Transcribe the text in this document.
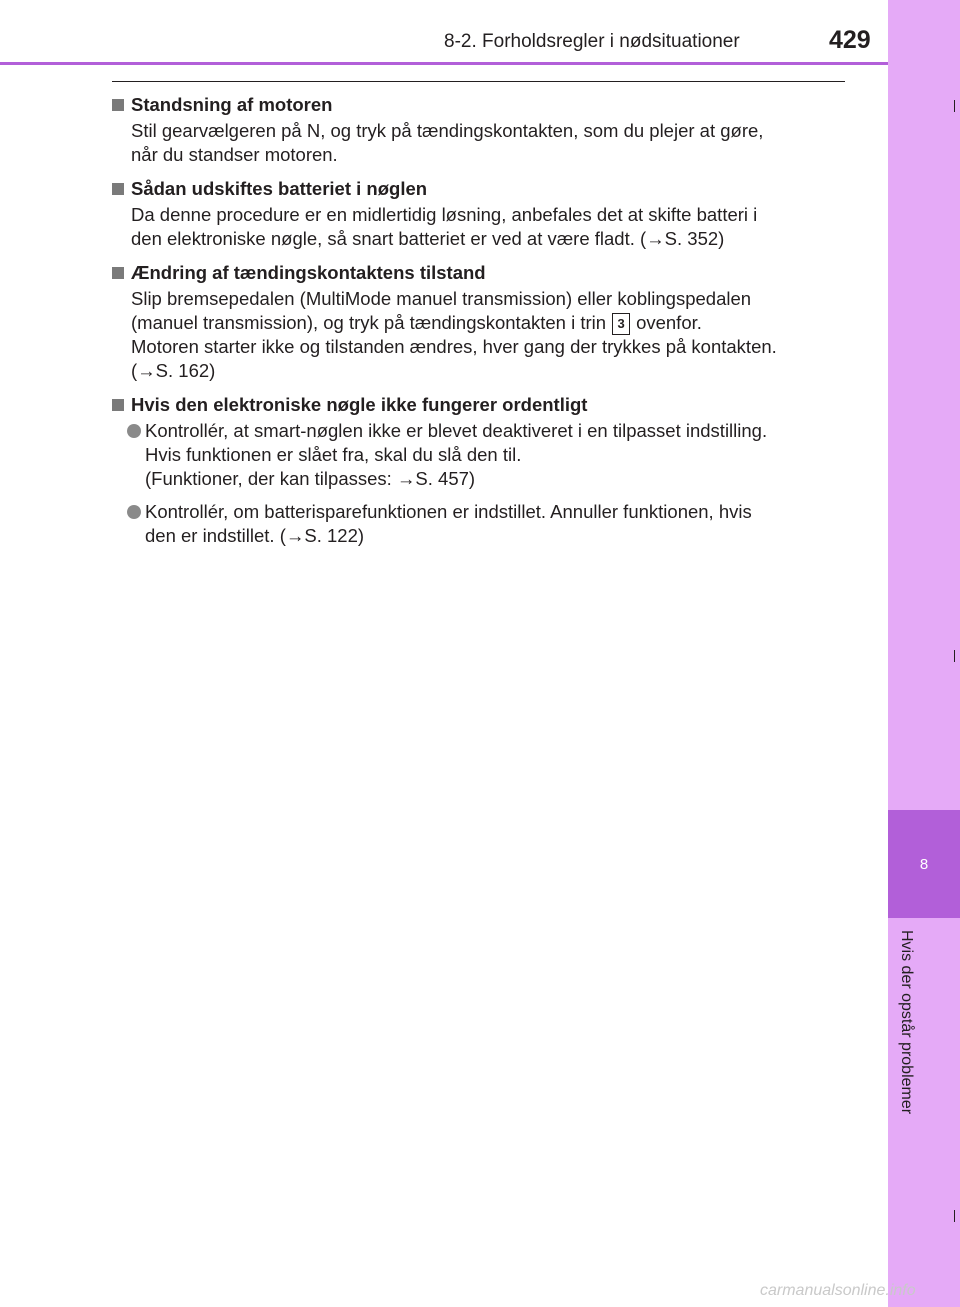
8
Hvis der opstår problemer
8-2. Forholdsregler i nødsituationer	429
Standsning af motoren
Stil gearvælgeren på N, og tryk på tændingskontakten, som du plejer at gøre,
når du standser motoren.
Sådan udskiftes batteriet i nøglen
Da denne procedure er en midlertidig løsning, anbefales det at skifte batteri i
den elektroniske nøgle, så snart batteriet er ved at være fladt. (→S. 352)
Ændring af tændingskontaktens tilstand
Slip bremsepedalen (MultiMode manuel transmission) eller koblingspedalen
(manuel transmission), og tryk på tændingskontakten i trin 3 ovenfor.
Motoren starter ikke og tilstanden ændres, hver gang der trykkes på kontakten.
(→S. 162)
Hvis den elektroniske nøgle ikke fungerer ordentligt
Kontrollér, at smart-nøglen ikke er blevet deaktiveret i en tilpasset indstilling.
Hvis funktionen er slået fra, skal du slå den til.
(Funktioner, der kan tilpasses: →S. 457)
Kontrollér, om batterisparefunktionen er indstillet. Annuller funktionen, hvis
den er indstillet. (→S. 122)
carmanualsonline.info
